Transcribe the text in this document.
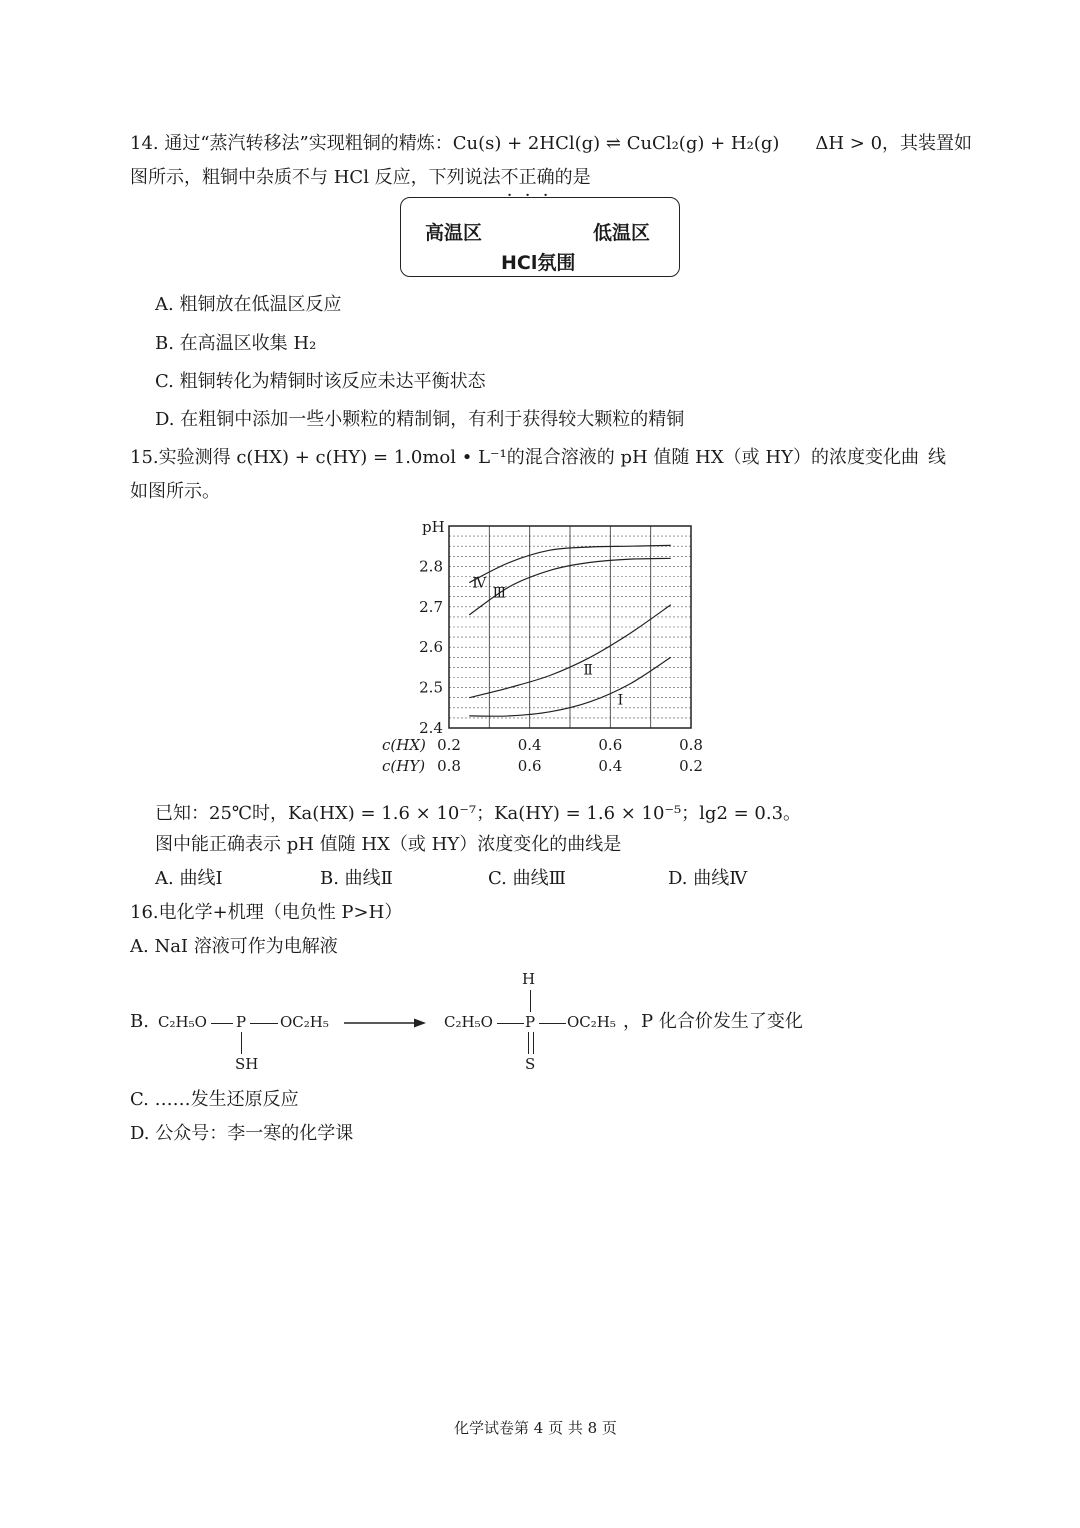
14. 通过“蒸汽转移法”实现粗铜的精炼：Cu(s) + 2HCl(g) ⇌ CuCl₂(g) + H₂(g)　　ΔH > 0，其装置如
图所示，粗铜中杂质不与 HCl 反应，下列说法不正确的是
高温区	低温区
HCl氛围
A. 粗铜放在低温区反应
B. 在高温区收集 H₂
C. 粗铜转化为精铜时该反应未达平衡状态
D. 在粗铜中添加一些小颗粒的精制铜，有利于获得较大颗粒的精铜
15.实验测得 c(HX) + c(HY) = 1.0mol • L⁻¹的混合溶液的 pH 值随 HX（或 HY）的浓度变化曲 线
如图所示。
2.4
2.5
2.6
2.7
2.8
pH
0.2	0.4	0.6	0.8
0.8	0.6	0.4	0.2
c(HX)
c(HY)
Ⅳ
Ⅲ
Ⅱ
Ⅰ
已知：25℃时，Ka(HX) = 1.6 × 10⁻⁷；Ka(HY) = 1.6 × 10⁻⁵；lg2 = 0.3。
图中能正确表示 pH 值随 HX（或 HY）浓度变化的曲线是
A. 曲线Ⅰ	B. 曲线Ⅱ	C. 曲线Ⅲ	D. 曲线Ⅳ
16.电化学+机理（电负性 P>H）
A. NaI 溶液可作为电解液
B. C₂H₅O P OC₂H₅
SH
H
C₂H₅O P OC₂H₅
S
，P 化合价发生了变化
C. ……发生还原反应
D. 公众号：李一寒的化学课
化学试卷第 4 页 共 8 页
